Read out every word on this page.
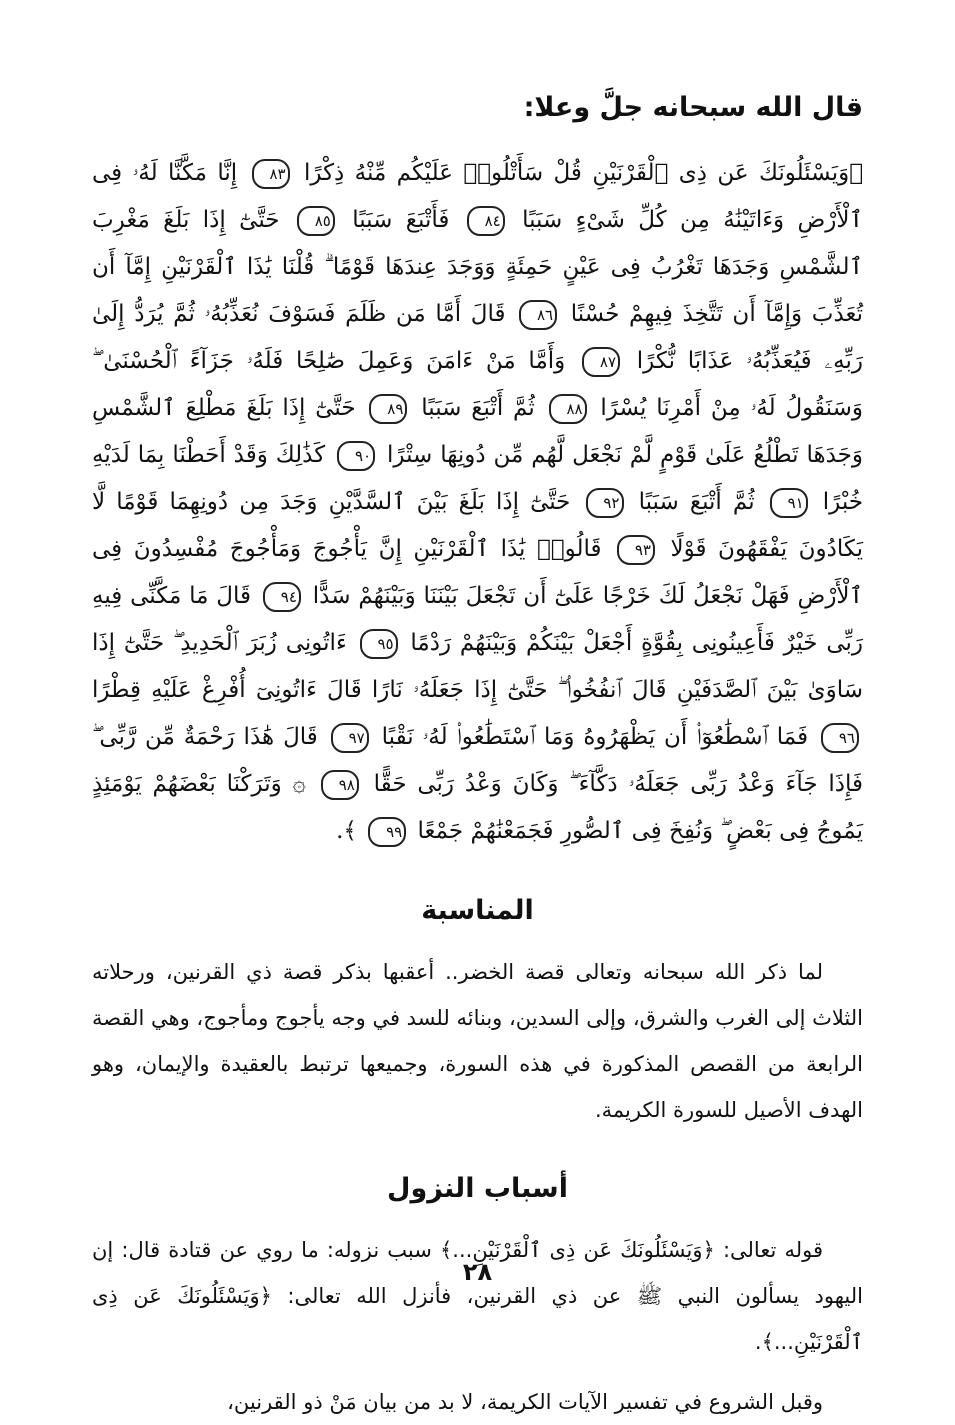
قال الله سبحانه جلَّ وعلا:

﴿وَيَسْئَلُونَكَ عَن ذِى ٱلْقَرْنَيْنِ قُلْ سَأَتْلُوا۟ عَلَيْكُم مِّنْهُ ذِكْرًا ٨٣ إِنَّا مَكَّنَّا لَهُۥ فِى ٱلْأَرْضِ وَءَاتَيْنَٰهُ مِن كُلِّ شَىْءٍ سَبَبًا ٨٤ فَأَتْبَعَ سَبَبًا ٨٥ حَتَّىٰٓ إِذَا بَلَغَ مَغْرِبَ ٱلشَّمْسِ وَجَدَهَا تَغْرُبُ فِى عَيْنٍ حَمِئَةٍ وَوَجَدَ عِندَهَا قَوْمًا ۗ قُلْنَا يَٰذَا ٱلْقَرْنَيْنِ إِمَّآ أَن تُعَذِّبَ وَإِمَّآ أَن تَتَّخِذَ فِيهِمْ حُسْنًا ٨٦ قَالَ أَمَّا مَن ظَلَمَ فَسَوْفَ نُعَذِّبُهُۥ ثُمَّ يُرَدُّ إِلَىٰ رَبِّهِۦ فَيُعَذِّبُهُۥ عَذَابًا نُّكْرًا ٨٧ وَأَمَّا مَنْ ءَامَنَ وَعَمِلَ صَٰلِحًا فَلَهُۥ جَزَآءً ٱلْحُسْنَىٰ ۖ وَسَنَقُولُ لَهُۥ مِنْ أَمْرِنَا يُسْرًا ٨٨ ثُمَّ أَتْبَعَ سَبَبًا ٨٩ حَتَّىٰٓ إِذَا بَلَغَ مَطْلِعَ ٱلشَّمْسِ وَجَدَهَا تَطْلُعُ عَلَىٰ قَوْمٍ لَّمْ نَجْعَل لَّهُم مِّن دُونِهَا سِتْرًا ٩٠ كَذَٰلِكَ وَقَدْ أَحَطْنَا بِمَا لَدَيْهِ خُبْرًا ٩١ ثُمَّ أَتْبَعَ سَبَبًا ٩٢ حَتَّىٰٓ إِذَا بَلَغَ بَيْنَ ٱلسَّدَّيْنِ وَجَدَ مِن دُونِهِمَا قَوْمًا لَّا يَكَادُونَ يَفْقَهُونَ قَوْلًا ٩٣ قَالُوا۟ يَٰذَا ٱلْقَرْنَيْنِ إِنَّ يَأْجُوجَ وَمَأْجُوجَ مُفْسِدُونَ فِى ٱلْأَرْضِ فَهَلْ نَجْعَلُ لَكَ خَرْجًا عَلَىٰٓ أَن تَجْعَلَ بَيْنَنَا وَبَيْنَهُمْ سَدًّا ٩٤ قَالَ مَا مَكَّنِّى فِيهِ رَبِّى خَيْرٌ فَأَعِينُونِى بِقُوَّةٍ أَجْعَلْ بَيْنَكُمْ وَبَيْنَهُمْ رَدْمًا ٩٥ ءَاتُونِى زُبَرَ ٱلْحَدِيدِ ۖ حَتَّىٰٓ إِذَا سَاوَىٰ بَيْنَ ٱلصَّدَفَيْنِ قَالَ ٱنفُخُوا۟ ۖ حَتَّىٰٓ إِذَا جَعَلَهُۥ نَارًا قَالَ ءَاتُونِىٓ أُفْرِغْ عَلَيْهِ قِطْرًا ٩٦ فَمَا ٱسْطَٰعُوٓا۟ أَن يَظْهَرُوهُ وَمَا ٱسْتَطَٰعُوا۟ لَهُۥ نَقْبًا ٩٧ قَالَ هَٰذَا رَحْمَةٌ مِّن رَّبِّى ۖ فَإِذَا جَآءَ وَعْدُ رَبِّى جَعَلَهُۥ دَكَّآءَ ۖ وَكَانَ وَعْدُ رَبِّى حَقًّا ٩٨ ۞ وَتَرَكْنَا بَعْضَهُمْ يَوْمَئِذٍ يَمُوجُ فِى بَعْضٍ ۖ وَنُفِخَ فِى ٱلصُّورِ فَجَمَعْنَٰهُمْ جَمْعًا ٩٩ ﴾.

المناسبة

لما ذكر الله سبحانه وتعالى قصة الخضر.. أعقبها بذكر قصة ذي القرنين، ورحلاته الثلاث إلى الغرب والشرق، وإلى السدين، وبنائه للسد في وجه يأجوج ومأجوج، وهي القصة الرابعة من القصص المذكورة في هذه السورة، وجميعها ترتبط بالعقيدة والإيمان، وهو الهدف الأصيل للسورة الكريمة.

أسباب النزول

قوله تعالى: ﴿وَيَسْئَلُونَكَ عَن ذِى ٱلْقَرْنَيْنِ...﴾ سبب نزوله: ما روي عن قتادة قال: إن اليهود يسألون النبي ﷺ عن ذي القرنين، فأنزل الله تعالى: ﴿وَيَسْئَلُونَكَ عَن ذِى ٱلْقَرْنَيْنِ...﴾.

وقبل الشروع في تفسير الآيات الكريمة، لا بد من بيان مَنْ ذو القرنين،

٢٨
